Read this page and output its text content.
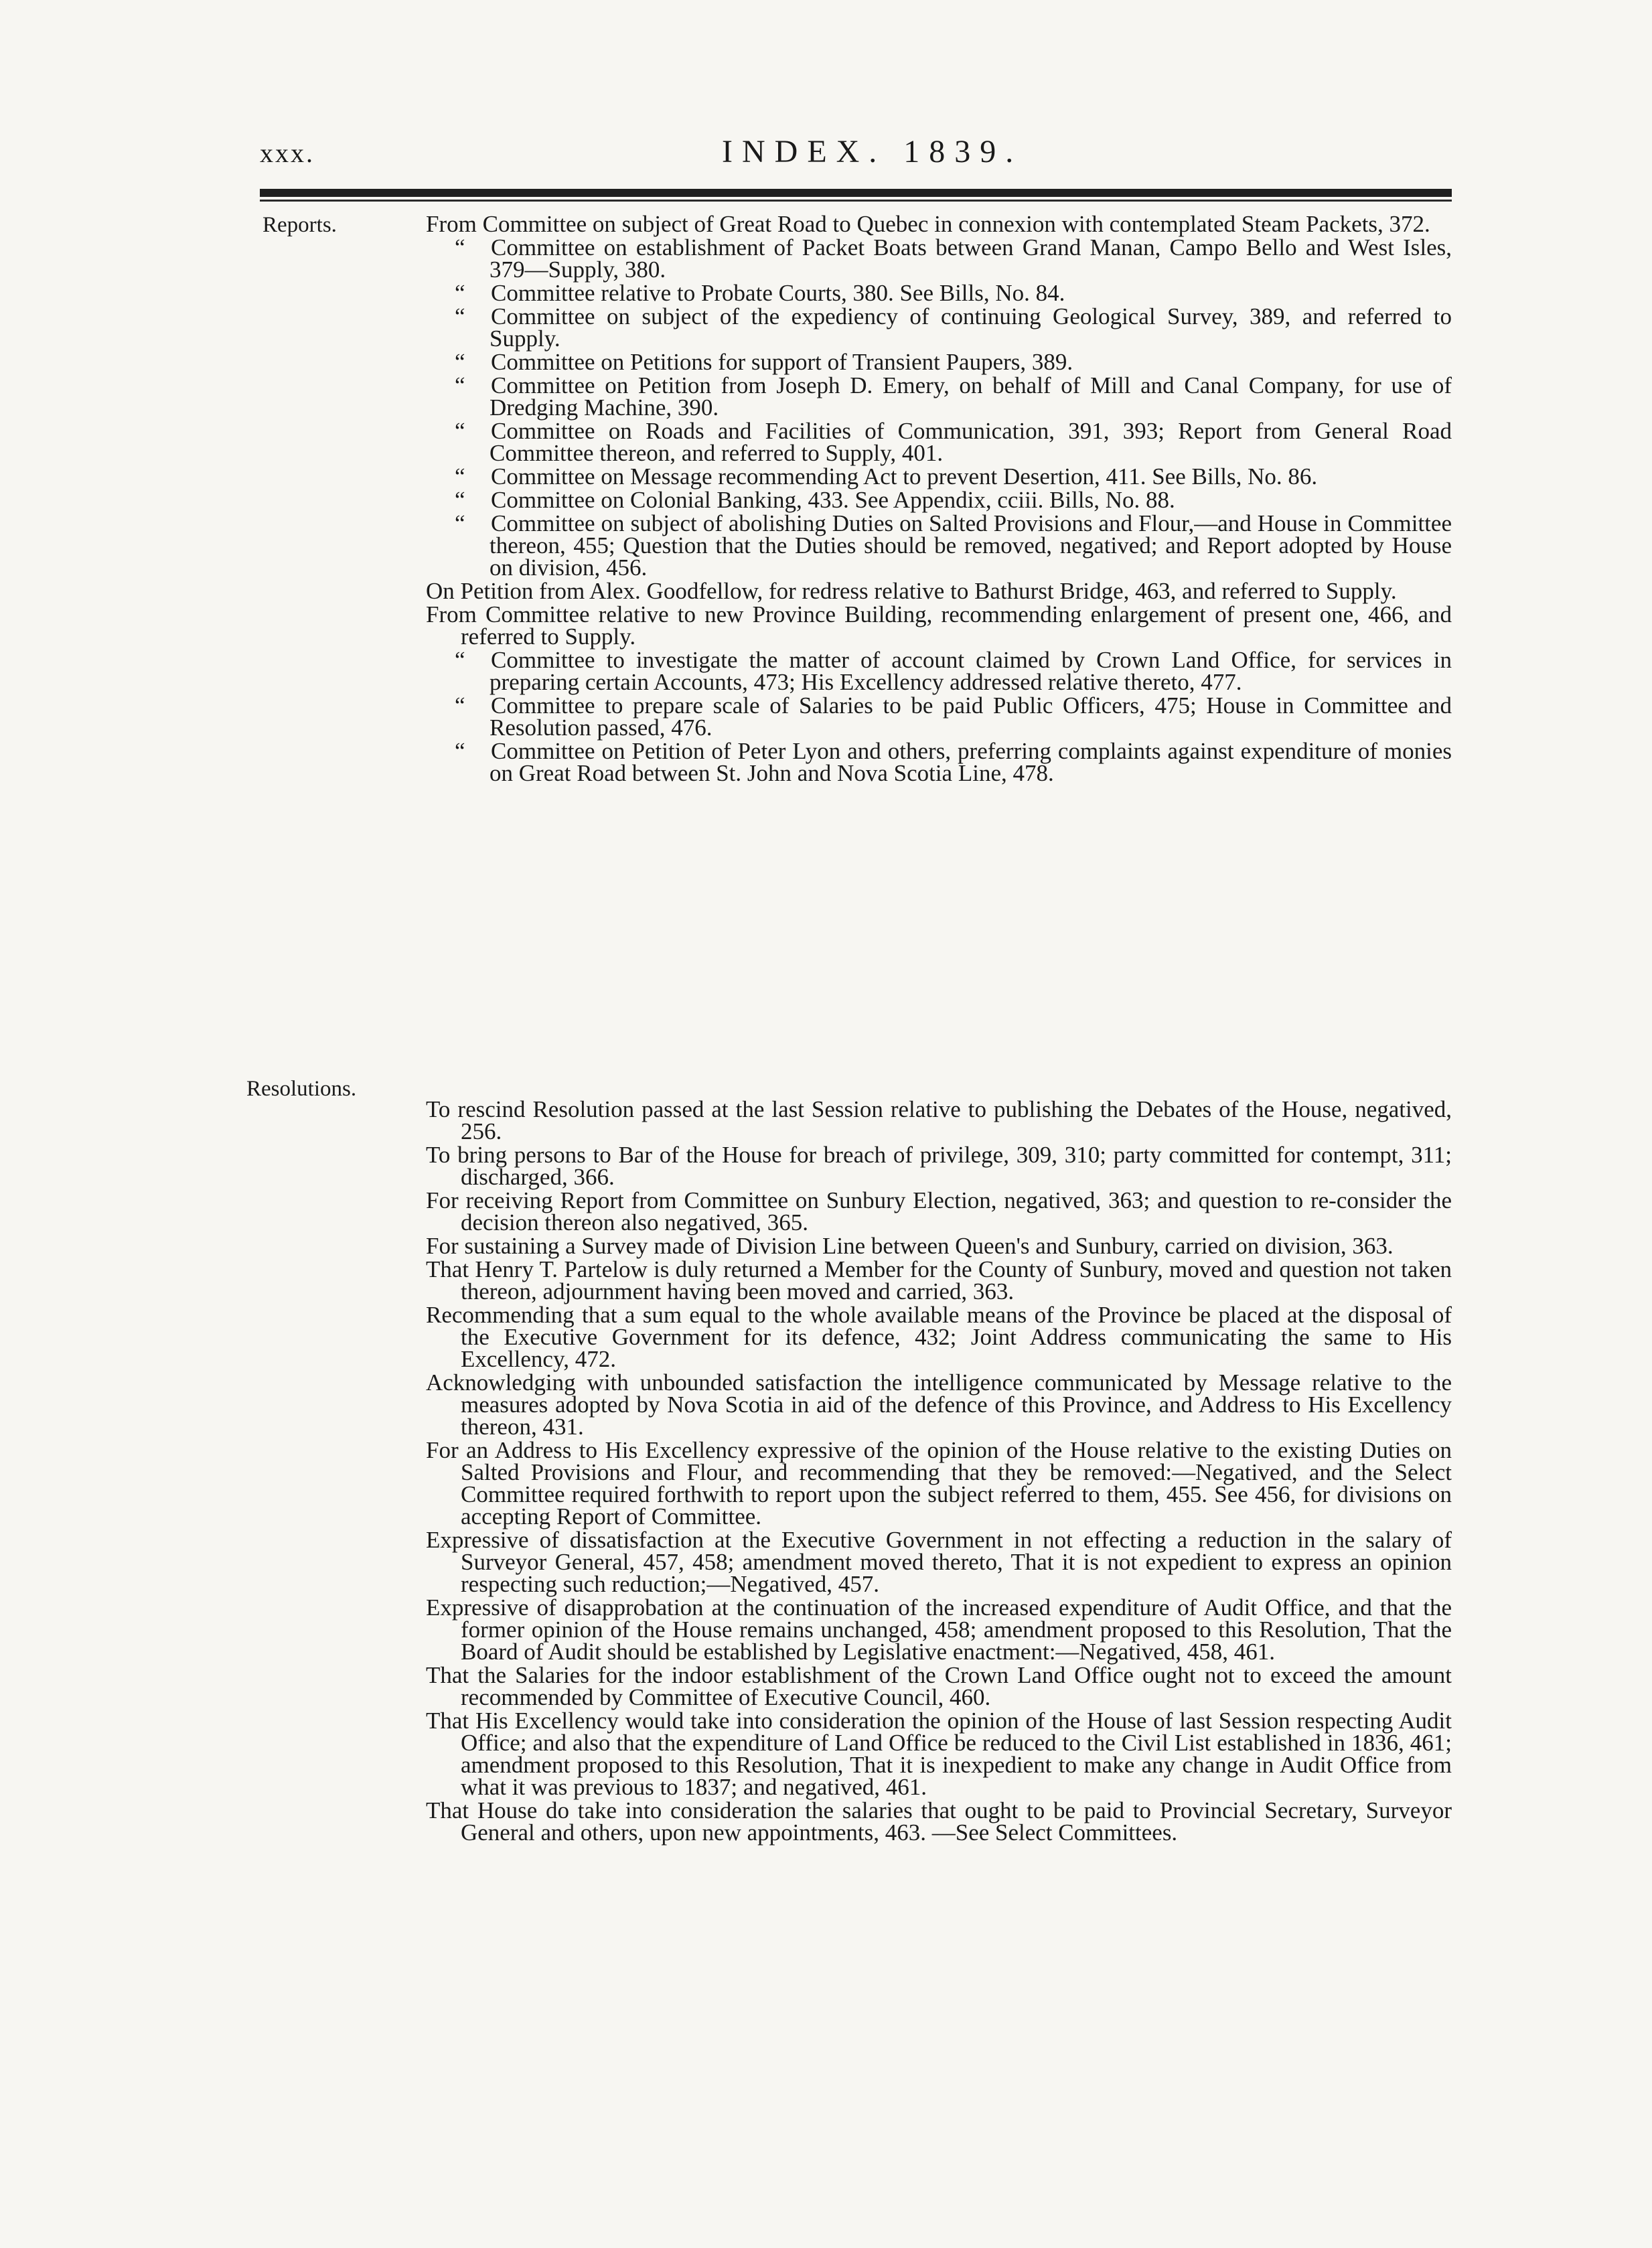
xxx.	INDEX. 1839.
Reports.	From Committee on subject of Great Road to Quebec in connexion with contemplated Steam Packets, 372.
“ Committee on establishment of Packet Boats between Grand Manan, Campo Bello and West Isles, 379—Supply, 380.
“ Committee relative to Probate Courts, 380. See Bills, No. 84.
“ Committee on subject of the expediency of continuing Geological Survey, 389, and referred to Supply.
“ Committee on Petitions for support of Transient Paupers, 389.
“ Committee on Petition from Joseph D. Emery, on behalf of Mill and Canal Company, for use of Dredging Machine, 390.
“ Committee on Roads and Facilities of Communication, 391, 393; Report from General Road Committee thereon, and referred to Supply, 401.
“ Committee on Message recommending Act to prevent Desertion, 411. See Bills, No. 86.
“ Committee on Colonial Banking, 433. See Appendix, cciii. Bills, No. 88.
“ Committee on subject of abolishing Duties on Salted Provisions and Flour,—and House in Committee thereon, 455; Question that the Duties should be removed, negatived; and Report adopted by House on division, 456.
On Petition from Alex. Goodfellow, for redress relative to Bathurst Bridge, 463, and referred to Supply.
From Committee relative to new Province Building, recommending enlargement of present one, 466, and referred to Supply.
“ Committee to investigate the matter of account claimed by Crown Land Office, for services in preparing certain Accounts, 473; His Excellency addressed relative thereto, 477.
“ Committee to prepare scale of Salaries to be paid Public Officers, 475; House in Committee and Resolution passed, 476.
“ Committee on Petition of Peter Lyon and others, preferring complaints against expenditure of monies on Great Road between St. John and Nova Scotia Line, 478.
Resolutions.
To rescind Resolution passed at the last Session relative to publishing the Debates of the House, negatived, 256.
To bring persons to Bar of the House for breach of privilege, 309, 310; party committed for contempt, 311; discharged, 366.
For receiving Report from Committee on Sunbury Election, negatived, 363; and question to re-consider the decision thereon also negatived, 365.
For sustaining a Survey made of Division Line between Queen's and Sunbury, carried on division, 363.
That Henry T. Partelow is duly returned a Member for the County of Sunbury, moved and question not taken thereon, adjournment having been moved and carried, 363.
Recommending that a sum equal to the whole available means of the Province be placed at the disposal of the Executive Government for its defence, 432; Joint Address communicating the same to His Excellency, 472.
Acknowledging with unbounded satisfaction the intelligence communicated by Message relative to the measures adopted by Nova Scotia in aid of the defence of this Province, and Address to His Excellency thereon, 431.
For an Address to His Excellency expressive of the opinion of the House relative to the existing Duties on Salted Provisions and Flour, and recommending that they be removed:—Negatived, and the Select Committee required forthwith to report upon the subject referred to them, 455. See 456, for divisions on accepting Report of Committee.
Expressive of dissatisfaction at the Executive Government in not effecting a reduction in the salary of Surveyor General, 457, 458; amendment moved thereto, That it is not expedient to express an opinion respecting such reduction;—Negatived, 457.
Expressive of disapprobation at the continuation of the increased expenditure of Audit Office, and that the former opinion of the House remains unchanged, 458; amendment proposed to this Resolution, That the Board of Audit should be established by Legislative enactment:—Negatived, 458, 461.
That the Salaries for the indoor establishment of the Crown Land Office ought not to exceed the amount recommended by Committee of Executive Council, 460.
That His Excellency would take into consideration the opinion of the House of last Session respecting Audit Office; and also that the expenditure of Land Office be reduced to the Civil List established in 1836, 461; amendment proposed to this Resolution, That it is inexpedient to make any change in Audit Office from what it was previous to 1837; and negatived, 461.
That House do take into consideration the salaries that ought to be paid to Provincial Secretary, Surveyor General and others, upon new appointments, 463. —See Select Committees.
